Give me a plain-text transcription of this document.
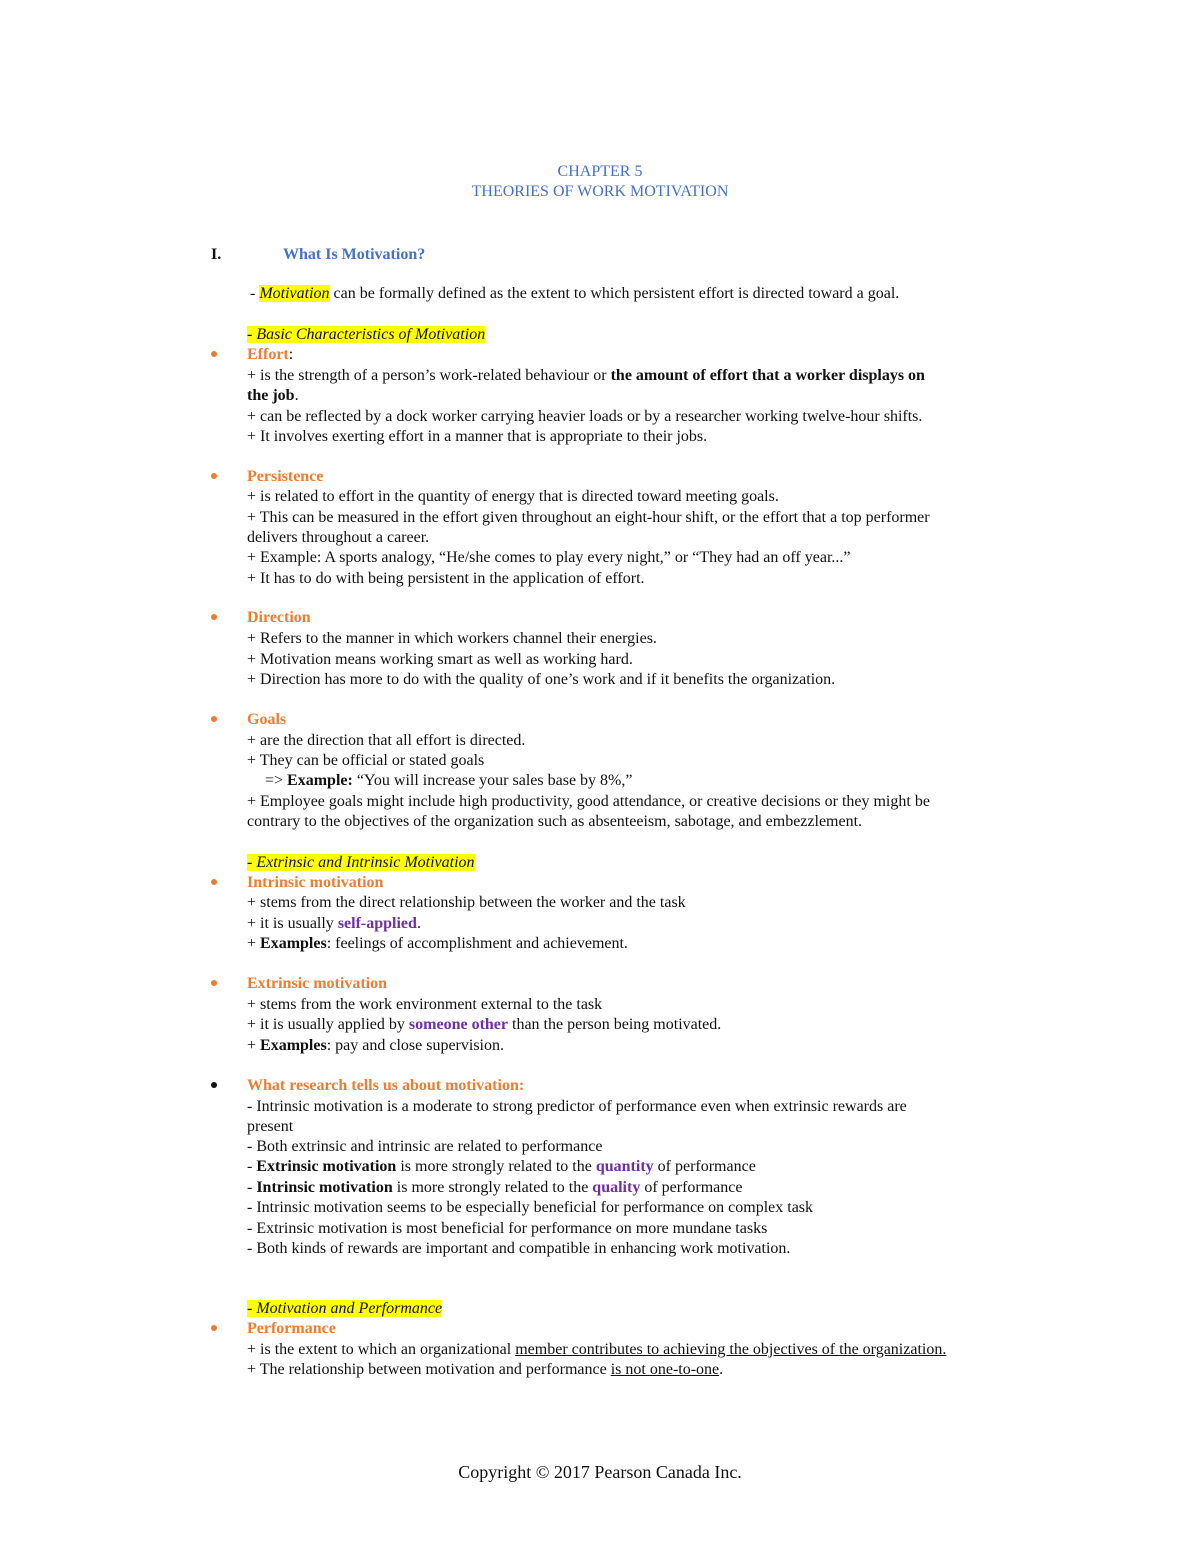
CHAPTER 5
THEORIES OF WORK MOTIVATION
I.	What Is Motivation?
- Motivation can be formally defined as the extent to which persistent effort is directed toward a goal.
- Basic Characteristics of Motivation
Effort:
+ is the strength of a person’s work-related behaviour or the amount of effort that a worker displays on
the job.
+ can be reflected by a dock worker carrying heavier loads or by a researcher working twelve-hour shifts.
+ It involves exerting effort in a manner that is appropriate to their jobs.
Persistence
+ is related to effort in the quantity of energy that is directed toward meeting goals.
+ This can be measured in the effort given throughout an eight-hour shift, or the effort that a top performer
delivers throughout a career.
+ Example: A sports analogy, “He/she comes to play every night,” or “They had an off year...”
+ It has to do with being persistent in the application of effort.
Direction
+ Refers to the manner in which workers channel their energies.
+ Motivation means working smart as well as working hard.
+ Direction has more to do with the quality of one’s work and if it benefits the organization.
Goals
+ are the direction that all effort is directed.
+ They can be official or stated goals
=> Example: “You will increase your sales base by 8%,”
+ Employee goals might include high productivity, good attendance, or creative decisions or they might be
contrary to the objectives of the organization such as absenteeism, sabotage, and embezzlement.
- Extrinsic and Intrinsic Motivation
Intrinsic motivation
+ stems from the direct relationship between the worker and the task
+ it is usually self-applied.
+ Examples: feelings of accomplishment and achievement.
Extrinsic motivation
+ stems from the work environment external to the task
+ it is usually applied by someone other than the person being motivated.
+ Examples: pay and close supervision.
What research tells us about motivation:
- Intrinsic motivation is a moderate to strong predictor of performance even when extrinsic rewards are
present
- Both extrinsic and intrinsic are related to performance
- Extrinsic motivation is more strongly related to the quantity of performance
- Intrinsic motivation is more strongly related to the quality of performance
- Intrinsic motivation seems to be especially beneficial for performance on complex task
- Extrinsic motivation is most beneficial for performance on more mundane tasks
- Both kinds of rewards are important and compatible in enhancing work motivation.
- Motivation and Performance
Performance
+ is the extent to which an organizational member contributes to achieving the objectives of the organization.
+ The relationship between motivation and performance is not one-to-one.
Copyright © 2017 Pearson Canada Inc.
